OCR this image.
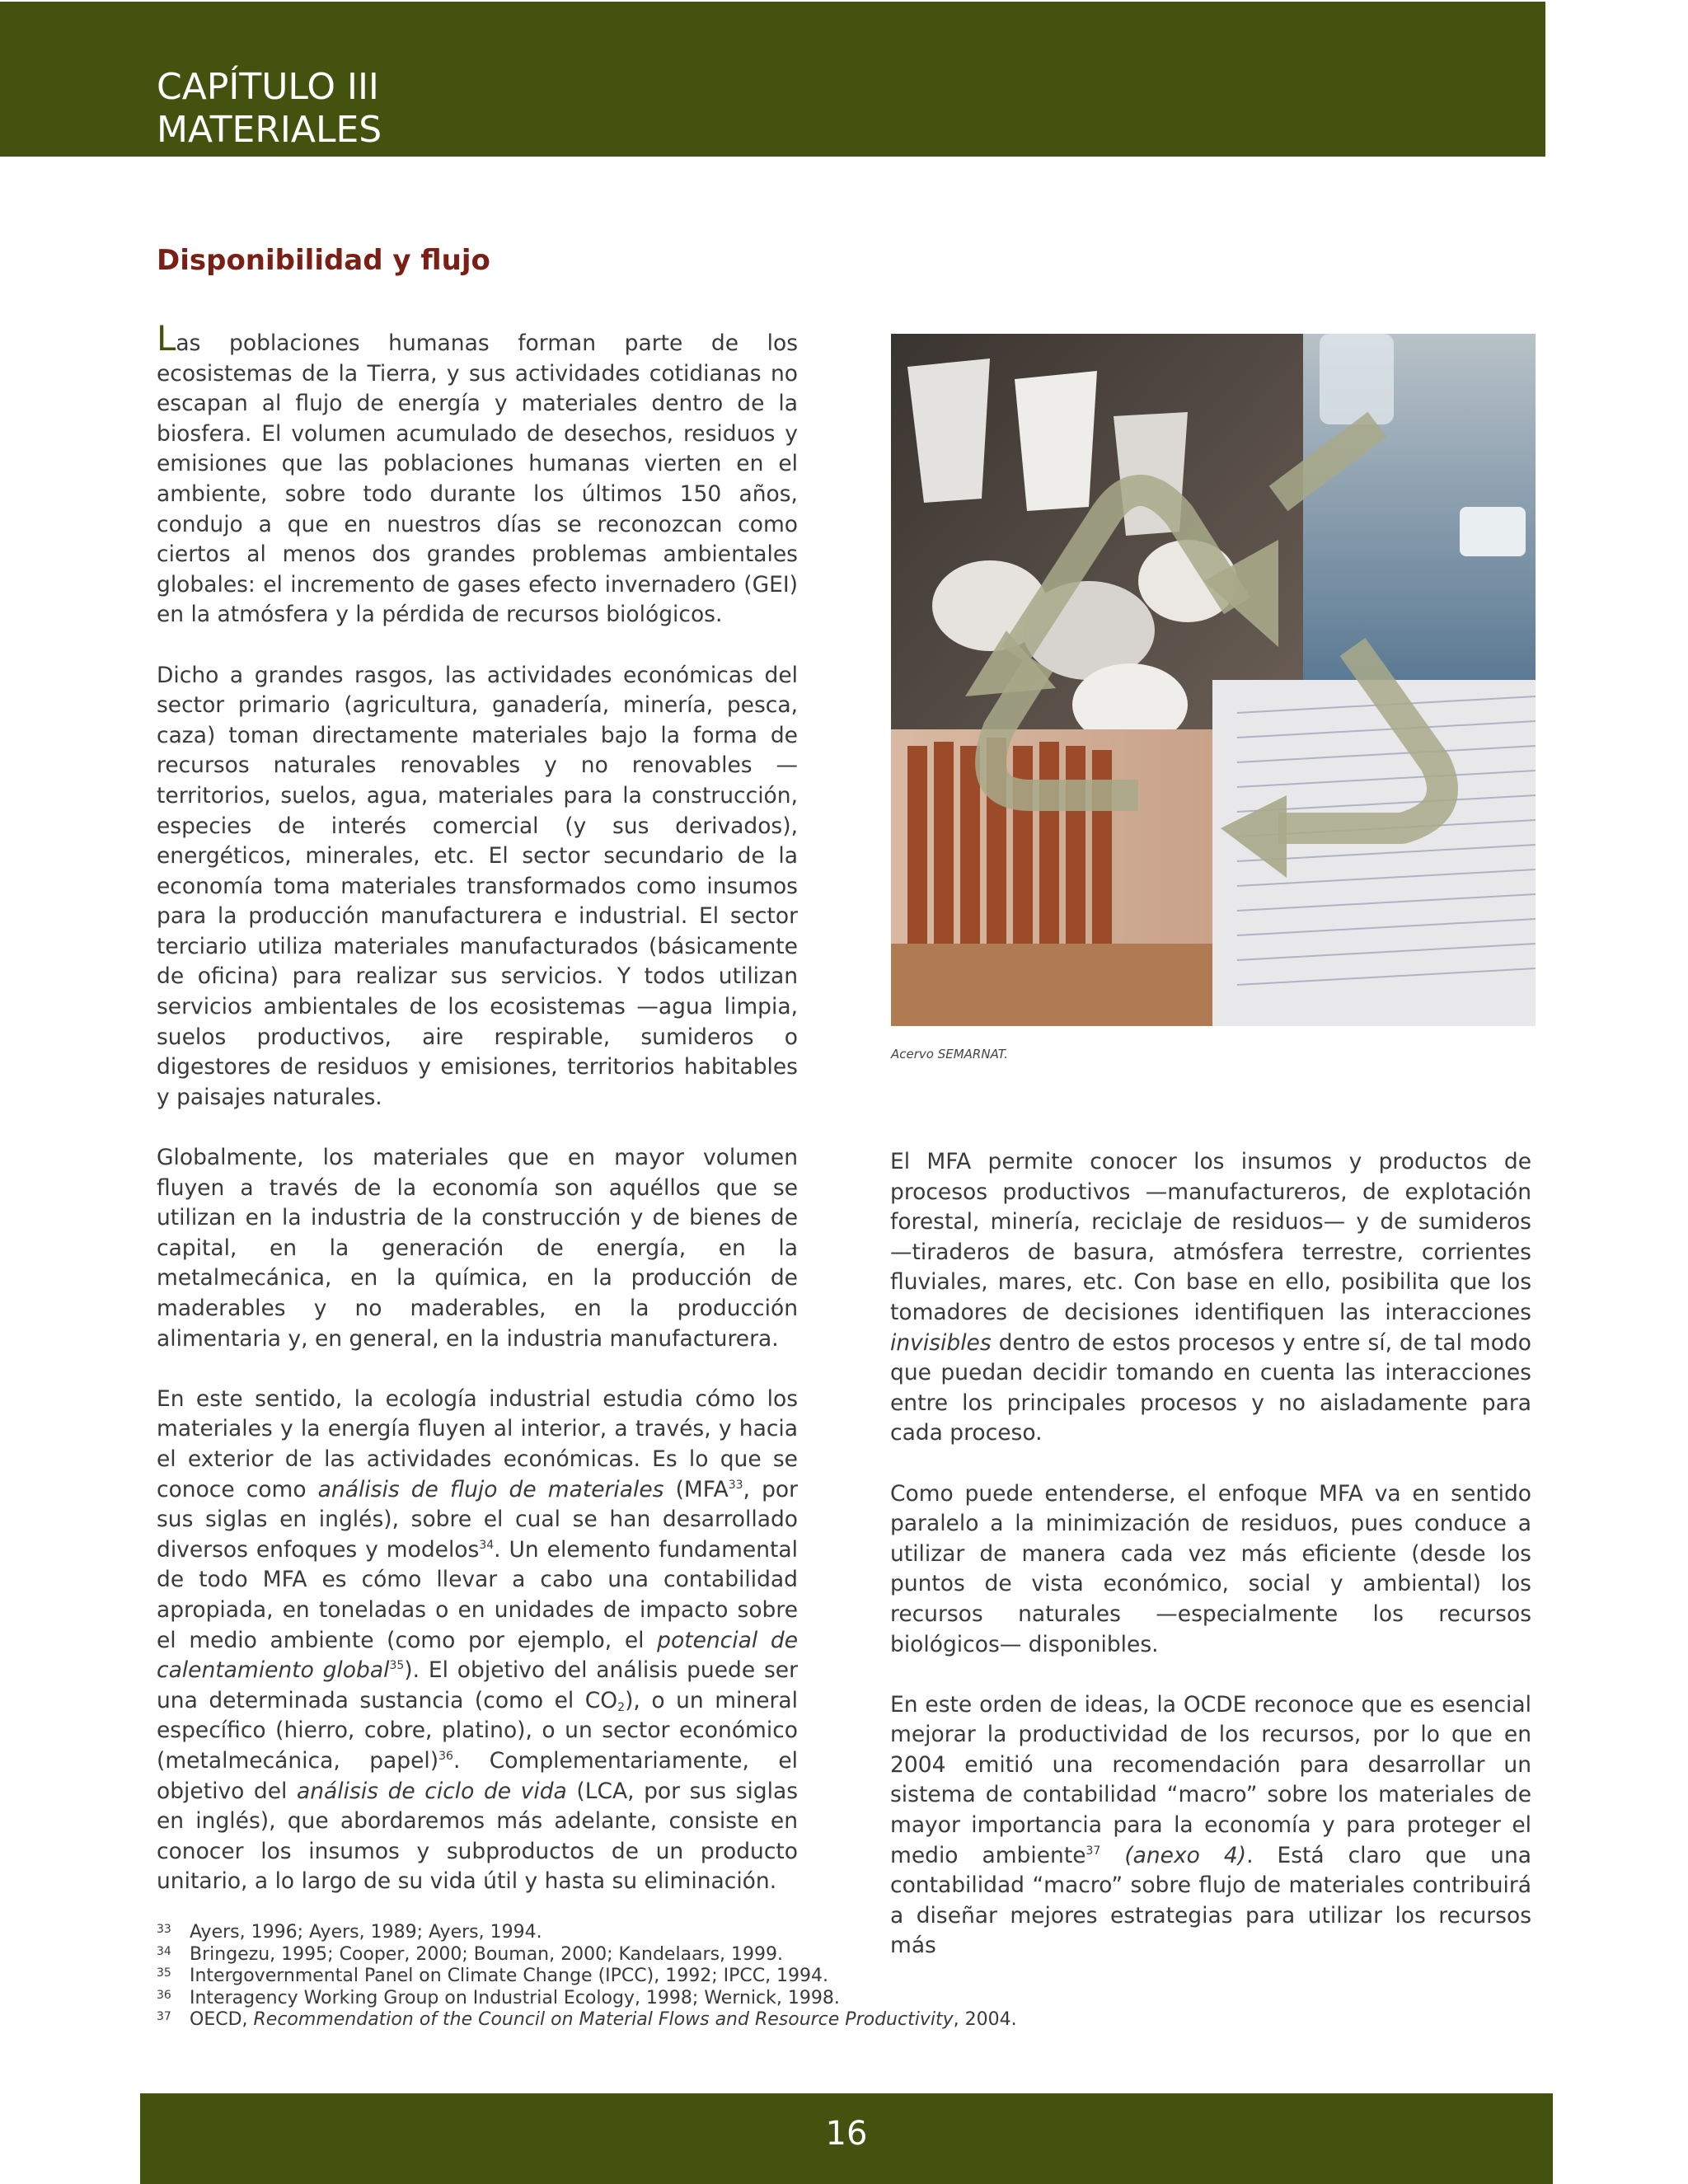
CAPÍTULO III
MATERIALES
Disponibilidad y flujo

Las poblaciones humanas forman parte de los ecosistemas de la Tierra, y sus actividades cotidianas no escapan al flujo de energía y materiales dentro de la biosfera. El volumen acumulado de desechos, residuos y emisiones que las poblaciones humanas vierten en el ambiente, sobre todo durante los últimos 150 años, condujo a que en nuestros días se reconozcan como ciertos al menos dos grandes problemas ambientales globales: el incremento de gases efecto invernadero (GEI) en la atmósfera y la pérdida de recursos biológicos.

Dicho a grandes rasgos, las actividades económicas del sector primario (agricultura, ganadería, minería, pesca, caza) toman directamente materiales bajo la forma de recursos naturales renovables y no renovables —territorios, suelos, agua, materiales para la construcción, especies de interés comercial (y sus derivados), energéticos, minerales, etc. El sector secundario de la economía toma materiales transformados como insumos para la producción manufacturera e industrial. El sector terciario utiliza materiales manufacturados (básicamente de oficina) para realizar sus servicios. Y todos utilizan servicios ambientales de los ecosistemas —agua limpia, suelos productivos, aire respirable, sumideros o digestores de residuos y emisiones, territorios habitables y paisajes naturales.

Globalmente, los materiales que en mayor volumen fluyen a través de la economía son aquéllos que se utilizan en la industria de la construcción y de bienes de capital, en la generación de energía, en la metalmecánica, en la química, en la producción de maderables y no maderables, en la producción alimentaria y, en general, en la industria manufacturera.

En este sentido, la ecología industrial estudia cómo los materiales y la energía fluyen al interior, a través, y hacia el exterior de las actividades económicas. Es lo que se conoce como análisis de flujo de materiales (MFA$^{33}$, por sus siglas en inglés), sobre el cual se han desarrollado diversos enfoques y modelos$^{34}$. Un elemento fundamental de todo MFA es cómo llevar a cabo una contabilidad apropiada, en toneladas o en unidades de impacto sobre el medio ambiente (como por ejemplo, el potencial de calentamiento global$^{35}$). El objetivo del análisis puede ser una determinada sustancia (como el $CO_2$), o un mineral específico (hierro, cobre, platino), o un sector económico (metalmecánica, papel)$^{36}$. Complementariamente, el objetivo del análisis de ciclo de vida (LCA, por sus siglas en inglés), que abordaremos más adelante, consiste en conocer los insumos y subproductos de un producto unitario, a lo largo de su vida útil y hasta su eliminación.

Acervo SEMARNAT.

El MFA permite conocer los insumos y productos de procesos productivos —manufactureros, de explotación forestal, minería, reciclaje de residuos— y de sumideros —tiraderos de basura, atmósfera terrestre, corrientes fluviales, mares, etc. Con base en ello, posibilita que los tomadores de decisiones identifiquen las interacciones invisibles dentro de estos procesos y entre sí, de tal modo que puedan decidir tomando en cuenta las interacciones entre los principales procesos y no aisladamente para cada proceso.

Como puede entenderse, el enfoque MFA va en sentido paralelo a la minimización de residuos, pues conduce a utilizar de manera cada vez más eficiente (desde los puntos de vista económico, social y ambiental) los recursos naturales —especialmente los recursos biológicos— disponibles.

En este orden de ideas, la OCDE reconoce que es esencial mejorar la productividad de los recursos, por lo que en 2004 emitió una recomendación para desarrollar un sistema de contabilidad “macro” sobre los materiales de mayor importancia para la economía y para proteger el medio ambiente$^{37}$ (anexo 4). Está claro que una contabilidad “macro” sobre flujo de materiales contribuirá a diseñar mejores estrategias para utilizar los recursos más

33	Ayers, 1996; Ayers, 1989; Ayers, 1994.
34	Bringezu, 1995; Cooper, 2000; Bouman, 2000; Kandelaars, 1999.
35	Intergovernmental Panel on Climate Change (IPCC), 1992; IPCC, 1994.
36	Interagency Working Group on Industrial Ecology, 1998; Wernick, 1998.
37	OECD, Recommendation of the Council on Material Flows and Resource Productivity, 2004.
16
